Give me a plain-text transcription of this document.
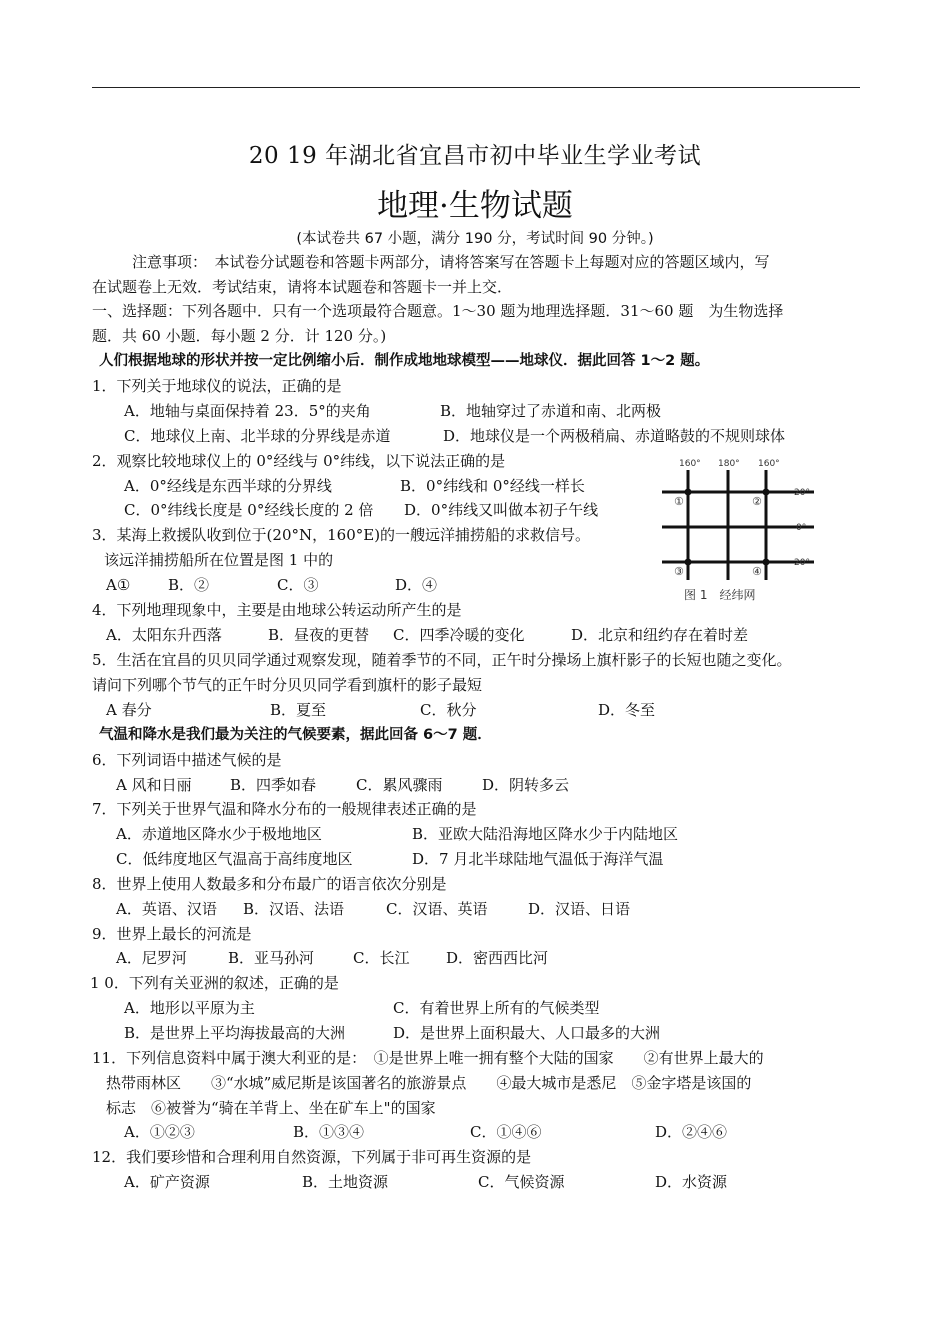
20 19 年湖北省宜昌市初中毕业生学业考试
地理·生物试题
(本试卷共 67 小题，满分 190 分，考试时间 90 分钟。)
注意事项：　本试卷分试题卷和答题卡两部分，请将答案写在答题卡上每题对应的答题区域内，写
在试题卷上无效．考试结束，请将本试题卷和答题卡一并上交．
一、选择题：下列各题中．只有一个选项最符合题意。1～30 题为地理选择题．31～60 题　为生物选择
题．共 60 小题．每小题 2 分．计 120 分。)
人们根据地球的形状并按一定比例缩小后．制作成地地球模型——地球仪．据此回答 1～2 题。
1．下列关于地球仪的说法，正确的是
A．地轴与桌面保持着 23．5°的夹角	B．地轴穿过了赤道和南、北两极
C．地球仪上南、北半球的分界线是赤道	D．地球仪是一个两极稍扁、赤道略鼓的不规则球体
2．观察比较地球仪上的 0°经线与 0°纬线，以下说法正确的是
A．0°经线是东西半球的分界线	B．0°纬线和 0°经线一样长
C．0°纬线长度是 0°经线长度的 2 倍 D．0°纬线又叫做本初子午线
3．某海上救援队收到位于(20°N，160°E)的一艘远洋捕捞船的求救信号。
该远洋捕捞船所在位置是图 1 中的
A①	B．②	C．③	D．④
160° 180° 160°
20°
0°
20°
①	②
③	④
图 1　经纬网
4．下列地理现象中，主要是由地球公转运动所产生的是
A．太阳东升西落	B．昼夜的更替 C．四季冷暖的变化	D．北京和纽约存在着时差
5．生活在宜昌的贝贝同学通过观察发现，随着季节的不同，正午时分操场上旗杆影子的长短也随之变化。
请问下列哪个节气的正午时分贝贝同学看到旗杆的影子最短
A 春分	B．夏至	C．秋分	D．冬至
气温和降水是我们最为关注的气候要素，据此回备 6～7 题．
6．下列词语中描述气候的是
A 风和日丽	B．四季如春	C．累风骤雨	D．阴转多云
7．下列关于世界气温和降水分布的一般规律表述正确的是
A．赤道地区降水少于极地地区	B．亚欧大陆沿海地区降水少于内陆地区
C．低纬度地区气温高于高纬度地区	D．7 月北半球陆地气温低于海洋气温
8．世界上使用人数最多和分布最广的语言依次分别是
A．英语、汉语 B．汉语、法语	C．汉语、英语	D．汉语、日语
9．世界上最长的河流是
A．尼罗河	B．亚马孙河	C．长江 D．密西西比河
1 0．下列有关亚洲的叙述，正确的是
A．地形以平原为主	C．有着世界上所有的气候类型
B．是世界上平均海拔最高的大洲	D．是世界上面积最大、人口最多的大洲
11．下列信息资料中属于澳大利亚的是：　①是世界上唯一拥有整个大陆的国家　　②有世界上最大的
热带雨林区　　③“水城”威尼斯是该国著名的旅游景点　　④最大城市是悉尼　⑤金字塔是该国的
标志　⑥被誉为“骑在羊背上、坐在矿车上"的国家
A．①②③	B．①③④	C．①④⑥	D．②④⑥
12．我们要珍惜和合理利用自然资源，下列属于非可再生资源的是
A．矿产资源	B．土地资源	C．气候资源	D．水资源
